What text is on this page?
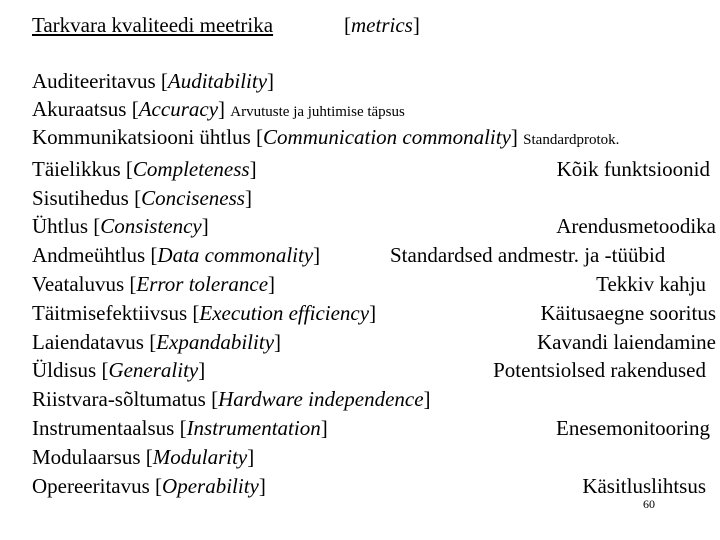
Tarkvara kvaliteedi meetrika	[metrics]
Auditeeritavus [Auditability]
Akuraatsus [Accuracy] Arvutuste ja juhtimise täpsus
Kommunikatsiooni ühtlus [Communication commonality] Standardprotok.
Täielikkus [Completeness]	Kõik funktsioonid
Sisutihedus [Conciseness]
Ühtlus [Consistency]	Arendusmetoodika
Andmeühtlus [Data commonality]	Standardsed andmestr. ja -tüübid
Veataluvus [Error tolerance]	Tekkiv kahju
Täitmisefektiivsus [Execution efficiency]	Käitusaegne sooritus
Laiendatavus [Expandability]	Kavandi laiendamine
Üldisus [Generality]	Potentsiolsed rakendused
Riistvara-sõltumatus [Hardware independence]
Instrumentaalsus [Instrumentation]	Enesemonitooring
Modulaarsus [Modularity]
Opereeritavus [Operability]	Käsitluslihtsus
60
